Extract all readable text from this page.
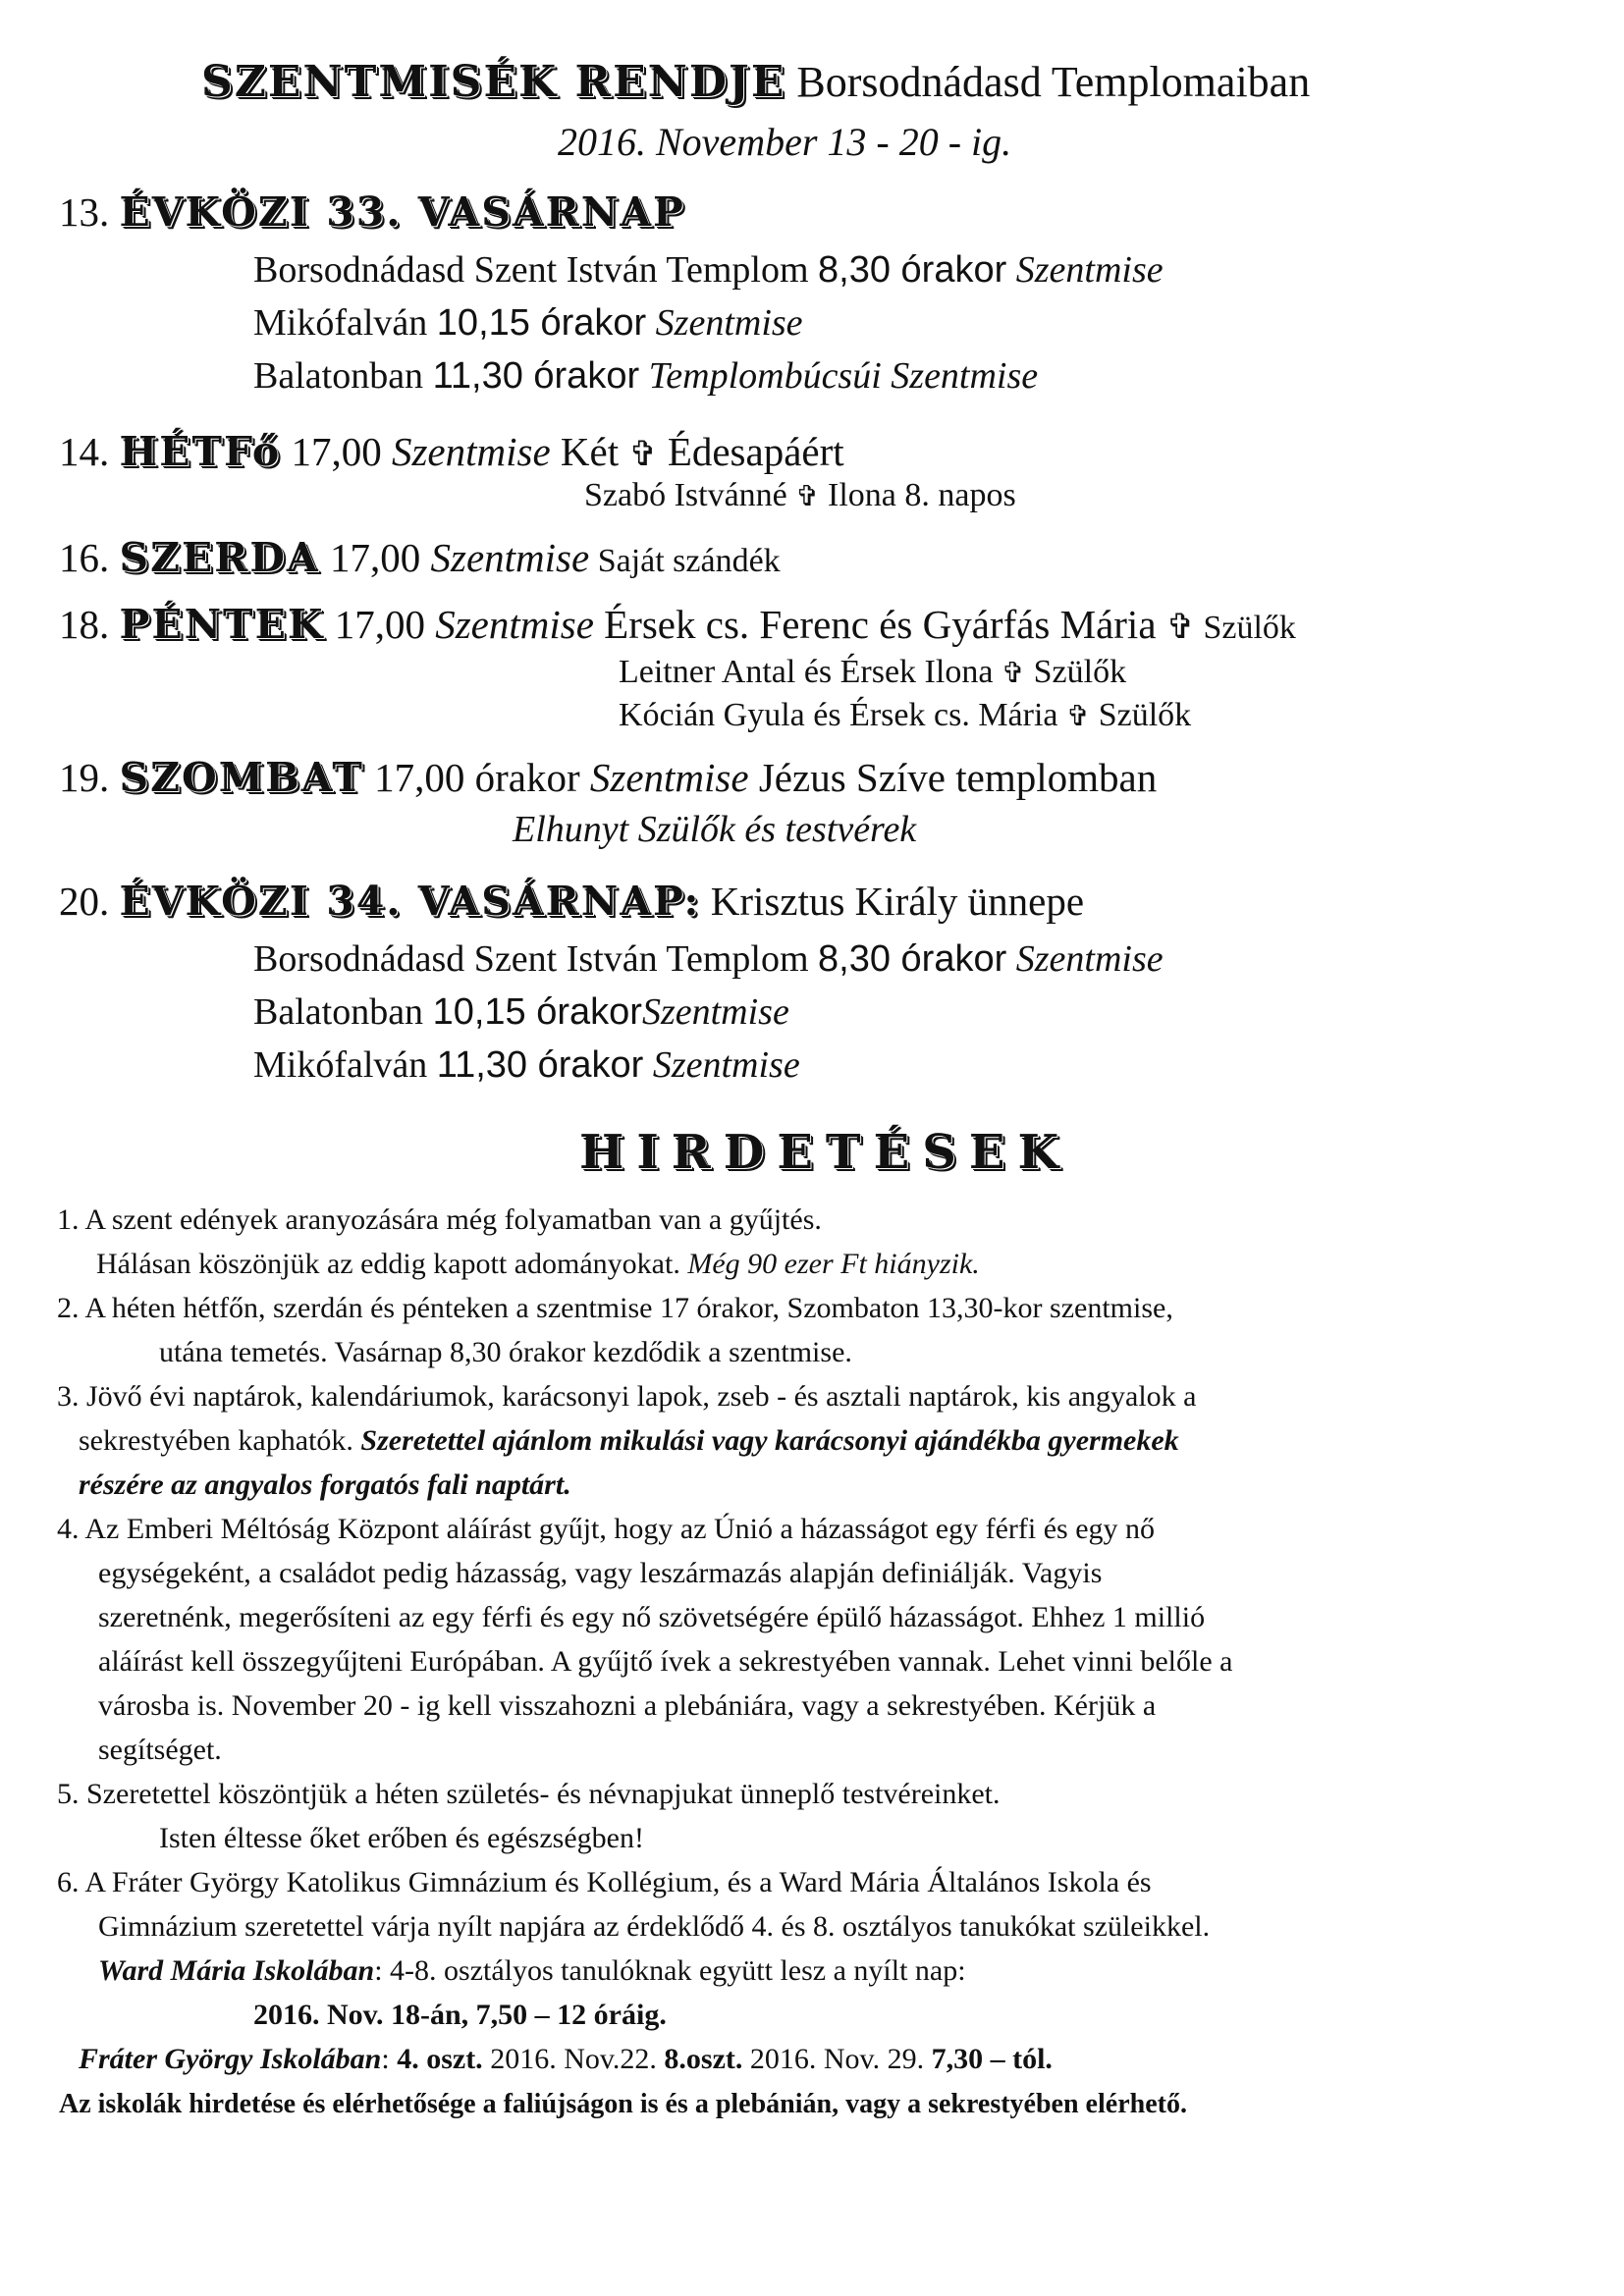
SZENTMISÉK RENDJE Borsodnádasd Templomaiban
2016. November 13 - 20 - ig.
13. ÉVKÖZI 33. VASÁRNAP
Borsodnádasd Szent István Templom 8,30 órakor Szentmise
Mikófalván 10,15 órakor Szentmise
Balatonban 11,30 órakor Templombúcsúi Szentmise
14. HÉTFő 17,00 Szentmise Két ✞ Édesapáért
Szabó Istvánné ✞ Ilona 8. napos
16. SZERDA 17,00 Szentmise Saját szándék
18. PÉNTEK 17,00 Szentmise Érsek cs. Ferenc és Gyárfás Mária ✞ Szülők
Leitner Antal és Érsek Ilona ✞ Szülők
Kócián Gyula és Érsek cs. Mária ✞ Szülők
19. SZOMBAT 17,00 órakor Szentmise Jézus Szíve templomban
Elhunyt Szülők és testvérek
20. ÉVKÖZI 34. VASÁRNAP: Krisztus Király ünnepe
Borsodnádasd Szent István Templom 8,30 órakor Szentmise
Balatonban 10,15 órakorSzentmise
Mikófalván 11,30 órakor Szentmise
HIRDETÉSEK
1. A szent edények aranyozására még folyamatban van a gyűjtés.
Hálásan köszönjük az eddig kapott adományokat. Még 90 ezer Ft hiányzik.
2. A héten hétfőn, szerdán és pénteken a szentmise 17 órakor, Szombaton 13,30-kor szentmise,
utána temetés. Vasárnap 8,30 órakor kezdődik a szentmise.
3. Jövő évi naptárok, kalendáriumok, karácsonyi lapok, zseb - és asztali naptárok, kis angyalok a
sekrestyében kaphatók. Szeretettel ajánlom mikulási vagy karácsonyi ajándékba gyermekek
részére az angyalos forgatós fali naptárt.
4. Az Emberi Méltóság Központ aláírást gyűjt, hogy az Únió a házasságot egy férfi és egy nő
egységeként, a családot pedig házasság, vagy leszármazás alapján definiálják. Vagyis
szeretnénk, megerősíteni az egy férfi és egy nő szövetségére épülő házasságot. Ehhez 1 millió
aláírást kell összegyűjteni Európában. A gyűjtő ívek a sekrestyében vannak. Lehet vinni belőle a
városba is. November 20 - ig kell visszahozni a plebániára, vagy a sekrestyében. Kérjük a
segítséget.
5. Szeretettel köszöntjük a héten születés- és névnapjukat ünneplő testvéreinket.
Isten éltesse őket erőben és egészségben!
6. A Fráter György Katolikus Gimnázium és Kollégium, és a Ward Mária Általános Iskola és
Gimnázium szeretettel várja nyílt napjára az érdeklődő 4. és 8. osztályos tanukókat szüleikkel.
Ward Mária Iskolában: 4-8. osztályos tanulóknak együtt lesz a nyílt nap:
2016. Nov. 18-án, 7,50 – 12 óráig.
Fráter György Iskolában: 4. oszt. 2016. Nov.22. 8.oszt. 2016. Nov. 29. 7,30 – tól.
Az iskolák hirdetése és elérhetősége a faliújságon is és a plebánián, vagy a sekrestyében elérhető.
